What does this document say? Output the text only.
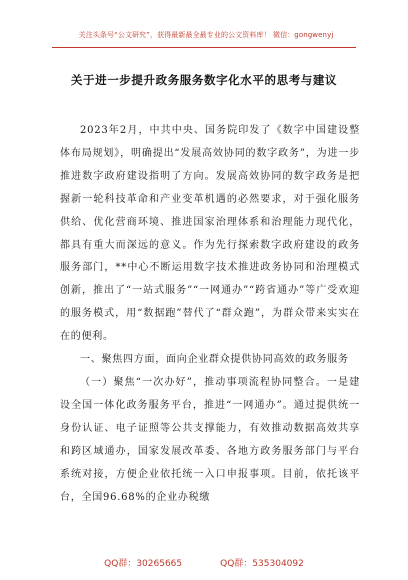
关注头条号“公文研究”，获得最新最全最专业的公文资料库！ 微信：gongwenyj
关于进一步提升政务服务数字化水平的思考与建议

2023年2月，中共中央、国务院印发了《数字中国建设整体布局规划》，明确提出“发展高效协同的数字政务”，为进一步推进数字政府建设指明了方向。发展高效协同的数字政务是把握新一轮科技革命和产业变革机遇的必然要求，对于强化服务供给、优化营商环境、推进国家治理体系和治理能力现代化，都具有重大而深远的意义。作为先行探索数字政府建设的政务服务部门，**中心不断运用数字技术推进政务协同和治理模式创新，推出了“一站式服务”“一网通办”“跨省通办”等广受欢迎的服务模式，用“数据跑”替代了“群众跑”，为群众带来实实在在的便利。

一、聚焦四方面，面向企业群众提供协同高效的政务服务

（一）聚焦“一次办好”，推动事项流程协同整合。一是建设全国一体化政务服务平台，推进“一网通办”。通过提供统一身份认证、电子证照等公共支撑能力，有效推动数据高效共享和跨区域通办，国家发展改革委、各地方政务服务部门与平台系统对接，方便企业依托统一入口申报事项。目前，依托该平台，全国96.68%的企业办税缴

QQ群：30265665	QQ群：535304092
